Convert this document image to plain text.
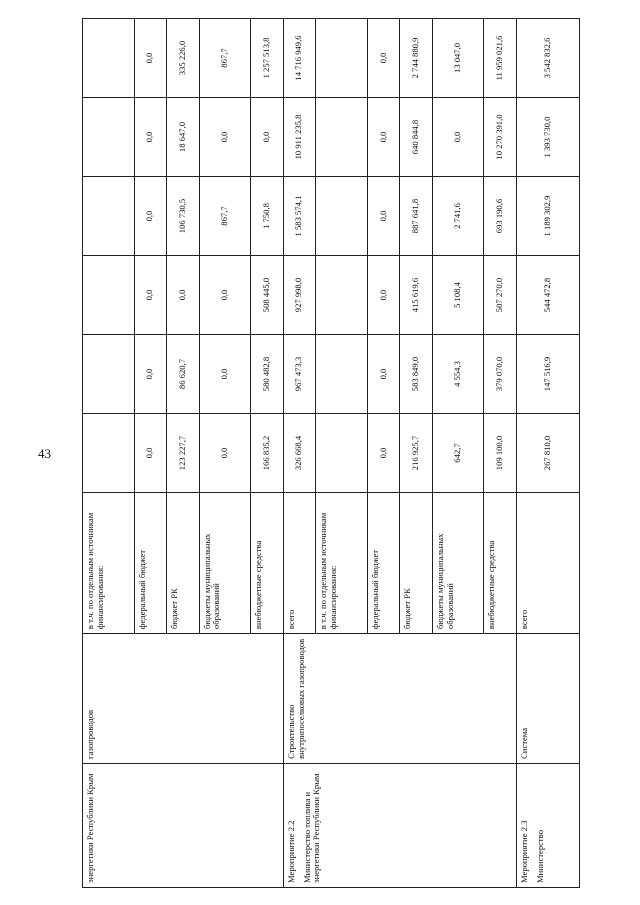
43
энергетики Республики Крым	газопроводов	в т.ч. по отдельным источникам финансирования:						
		федеральный бюджет	0,0	0,0	0,0	0,0	0,0	0,0
		бюджет РК	123 227,7	86 620,7	0,0	106 730,5	18 647,0	335 226,0
		бюджеты муниципальных образований	0,0	0,0	0,0	867,7	0,0	867,7
		внебюджетные средства	166 835,2	580 482,8	508 445,0	1 750,8	0,0	1 257 513,8

Мероприятие 2.2 Министерство топлива и энергетики Республики Крым	Строительство внутрипоселковых газопроводов	всего	326 668,4	967 473,3	927 998,0	1 583 574,1	10 911 235,8	14 716 949,6
		в т.ч. по отдельным источникам финансирования:						
		федеральный бюджет	0,0	0,0	0,0	0,0	0,0	0,0
		бюджет РК	216 925,7	583 849,0	415 619,6	887 641,8	640 844,8	2 744 880,9
		бюджеты муниципальных образований	642,7	4 554,3	5 108,4	2 741,6	0,0	13 047,0
		внебюджетные средства	109 100,0	379 070,0	507 270,0	693 190,6	10 270 391,0	11 959 021,6

Мероприятие 2.3 Министерство	Система	всего	267 810,0	147 516,9	544 472,8	1 189 302,9	1 393 730,0	3 542 832,6
